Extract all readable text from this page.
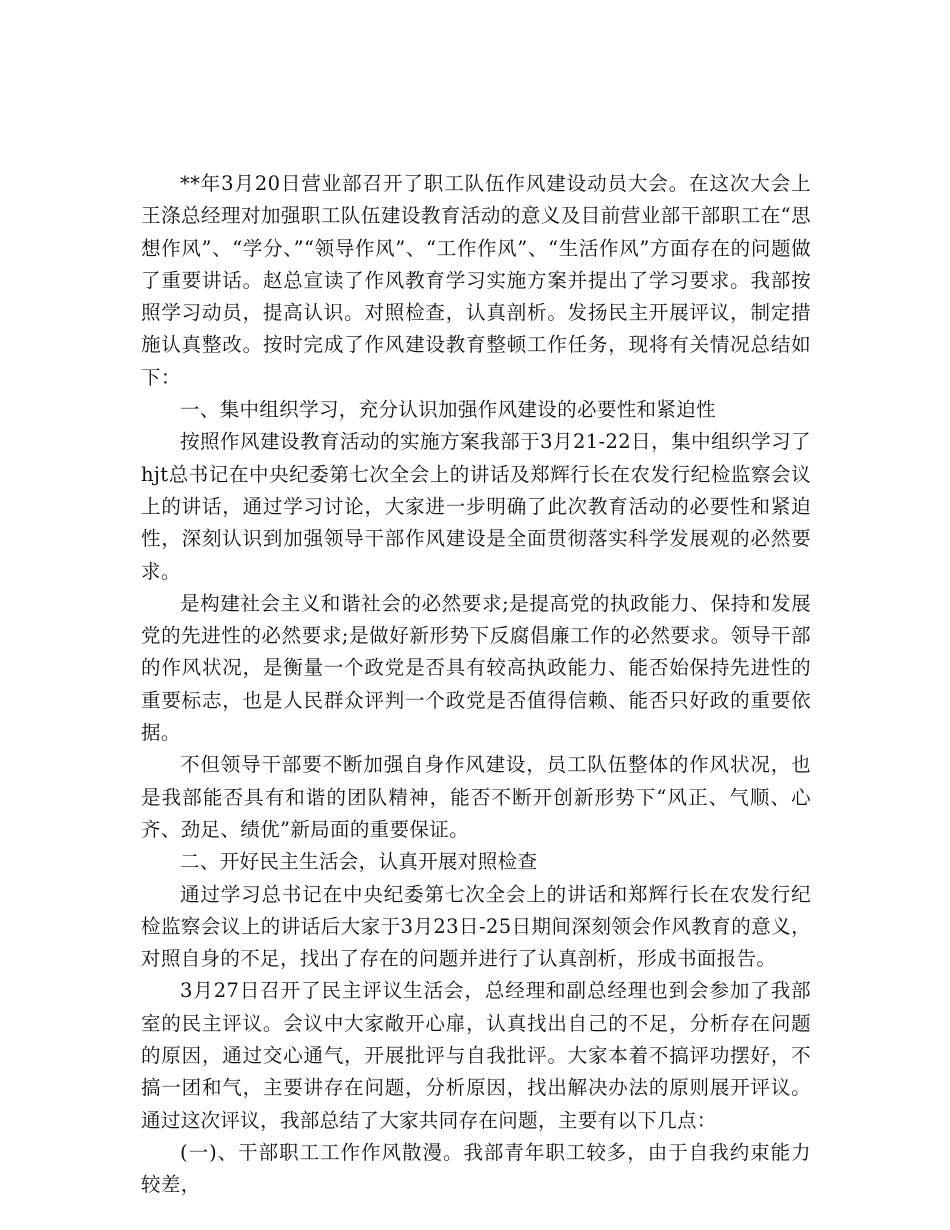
**年3月20日营业部召开了职工队伍作风建设动员大会。在这次大会上王涤总经理对加强职工队伍建设教育活动的意义及目前营业部干部职工在“思想作风”、“学分、”“领导作风”、“工作作风”、“生活作风”方面存在的问题做了重要讲话。赵总宣读了作风教育学习实施方案并提出了学习要求。我部按照学习动员，提高认识。对照检查，认真剖析。发扬民主开展评议，制定措施认真整改。按时完成了作风建设教育整顿工作任务，现将有关情况总结如下：

一、集中组织学习，充分认识加强作风建设的必要性和紧迫性

按照作风建设教育活动的实施方案我部于3月21-22日，集中组织学习了hjt总书记在中央纪委第七次全会上的讲话及郑辉行长在农发行纪检监察会议上的讲话，通过学习讨论，大家进一步明确了此次教育活动的必要性和紧迫性，深刻认识到加强领导干部作风建设是全面贯彻落实科学发展观的必然要求。

是构建社会主义和谐社会的必然要求;是提高党的执政能力、保持和发展党的先进性的必然要求;是做好新形势下反腐倡廉工作的必然要求。领导干部的作风状况，是衡量一个政党是否具有较高执政能力、能否始保持先进性的重要标志，也是人民群众评判一个政党是否值得信赖、能否只好政的重要依据。

不但领导干部要不断加强自身作风建设，员工队伍整体的作风状况，也是我部能否具有和谐的团队精神，能否不断开创新形势下“风正、气顺、心齐、劲足、绩优”新局面的重要保证。

二、开好民主生活会，认真开展对照检查

通过学习总书记在中央纪委第七次全会上的讲话和郑辉行长在农发行纪检监察会议上的讲话后大家于3月23日-25日期间深刻领会作风教育的意义，对照自身的不足，找出了存在的问题并进行了认真剖析，形成书面报告。

3月27日召开了民主评议生活会，总经理和副总经理也到会参加了我部室的民主评议。会议中大家敞开心扉，认真找出自己的不足，分析存在问题的原因，通过交心通气，开展批评与自我批评。大家本着不搞评功摆好，不搞一团和气，主要讲存在问题，分析原因，找出解决办法的原则展开评议。通过这次评议，我部总结了大家共同存在问题，主要有以下几点：

(一)、干部职工工作作风散漫。我部青年职工较多，由于自我约束能力较差，
